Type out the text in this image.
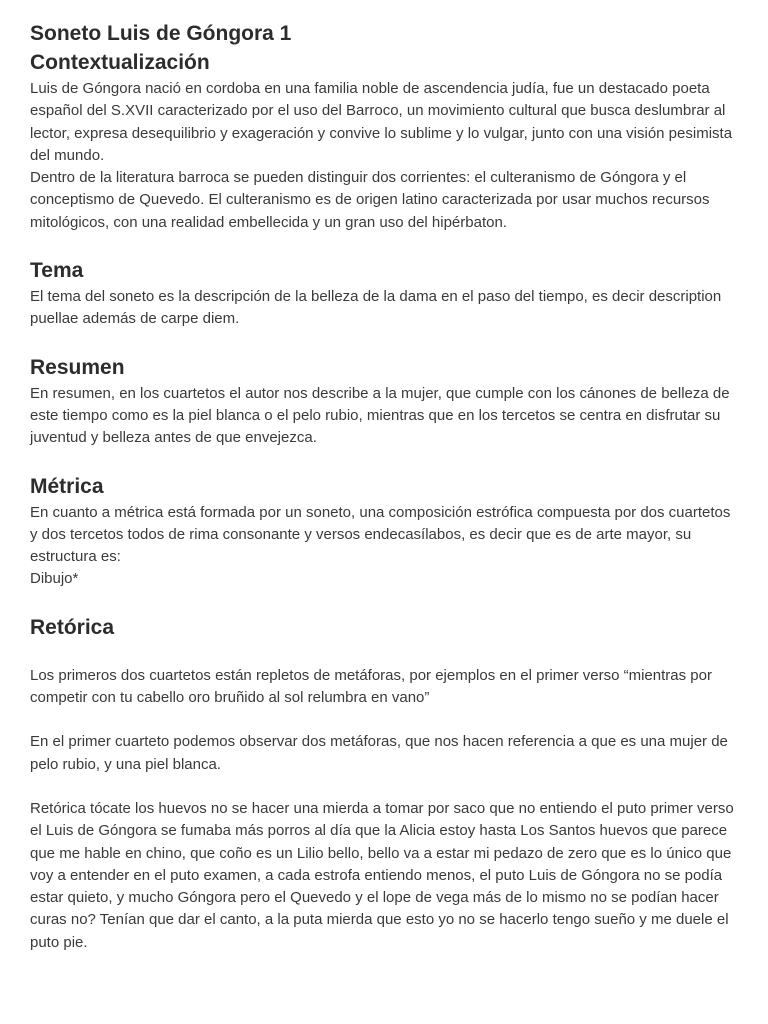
Soneto Luis de Góngora 1
Contextualización

Luis de Góngora nació en cordoba en una familia noble de ascendencia judía, fue un destacado poeta español del S.XVII caracterizado por el uso del Barroco, un movimiento cultural que busca deslumbrar al lector, expresa desequilibrio y exageración y convive lo sublime y lo vulgar, junto con una visión pesimista del mundo.

Dentro de la literatura barroca se pueden distinguir dos corrientes: el culteranismo de Góngora y el conceptismo de Quevedo. El culteranismo es de origen latino caracterizada por usar muchos recursos mitológicos, con una realidad embellecida y un gran uso del hipérbaton.

Tema

El tema del soneto es la descripción de la belleza de la dama en el paso del tiempo, es decir description puellae además de carpe diem.

Resumen

En resumen, en los cuartetos el autor nos describe a la mujer, que cumple con los cánones de belleza de este tiempo como es la piel blanca o el pelo rubio, mientras que en los tercetos se centra en disfrutar su juventud y belleza antes de que envejezca.

Métrica

En cuanto a métrica está formada por un soneto, una composición estrófica compuesta por dos cuartetos y dos tercetos todos de rima consonante y versos endecasílabos, es decir que es de arte mayor, su estructura es:

Dibujo*

Retórica

Los primeros dos cuartetos están repletos de metáforas, por ejemplos en el primer verso “mientras por competir con tu cabello oro bruñido al sol relumbra en vano”

En el primer cuarteto podemos observar dos metáforas, que nos hacen referencia a que es una mujer de pelo rubio, y una piel blanca.

Retórica tócate los huevos no se hacer una mierda a tomar por saco que no entiendo el puto primer verso el Luis de Góngora se fumaba más porros al día que la Alicia estoy hasta Los Santos huevos que parece que me hable en chino, que coño es un Lilio bello, bello va a estar mi pedazo de zero que es lo único que voy a entender en el puto examen, a cada estrofa entiendo menos, el puto Luis de Góngora no se podía estar quieto, y mucho Góngora pero el Quevedo y el lope de vega más de lo mismo no se podían hacer curas no? Tenían que dar el canto, a la puta mierda que esto yo no se hacerlo tengo sueño y me duele el puto pie.
